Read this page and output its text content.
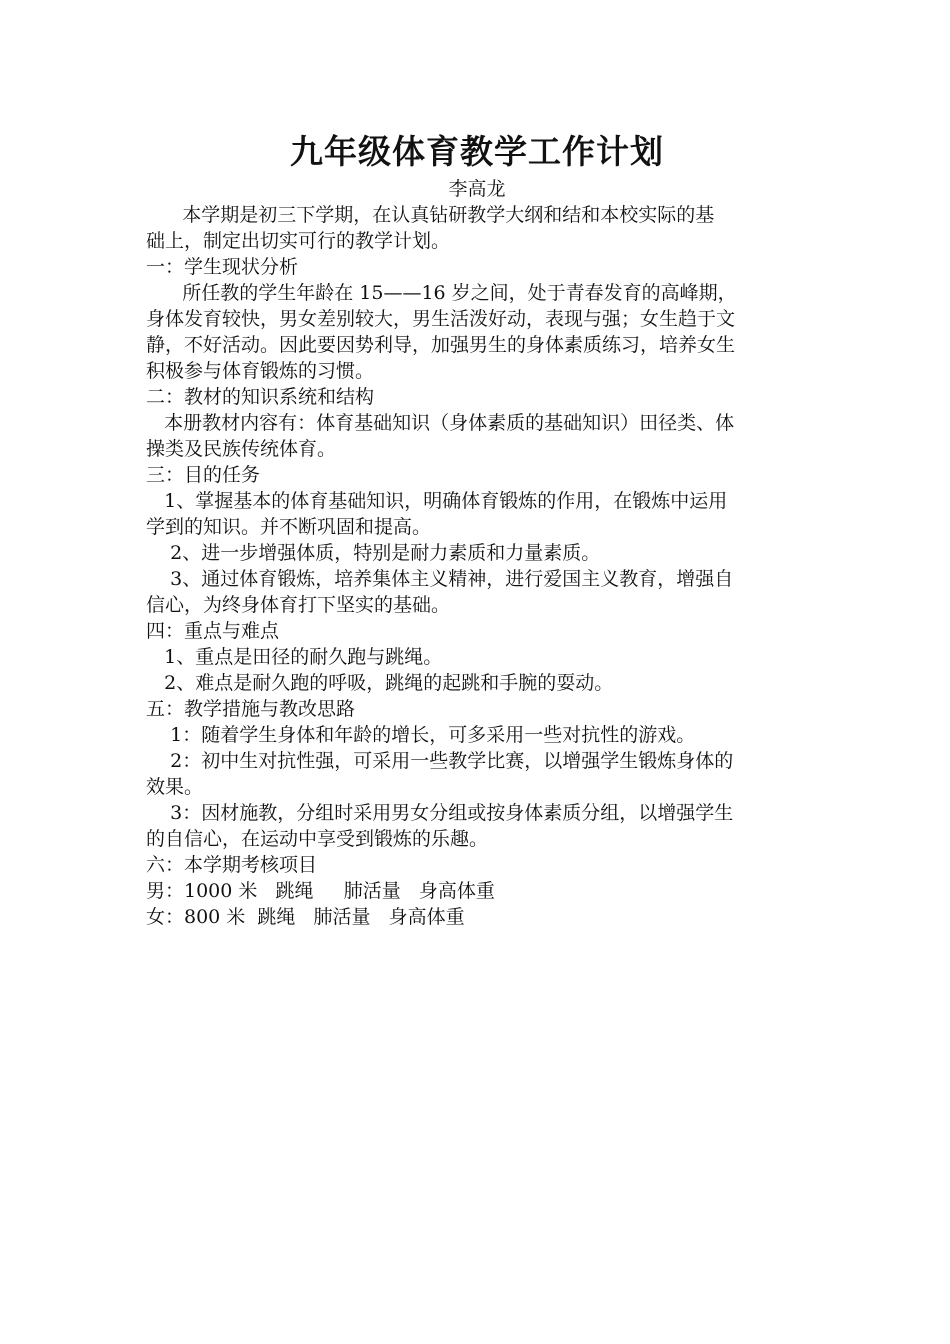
九年级体育教学工作计划

李高龙

本学期是初三下学期，在认真钻研教学大纲和结和本校实际的基

础上，制定出切实可行的教学计划。

一：学生现状分析

所任教的学生年龄在 15——16 岁之间，处于青春发育的高峰期，

身体发育较快，男女差别较大，男生活泼好动，表现与强；女生趋于文

静，不好活动。因此要因势利导，加强男生的身体素质练习，培养女生

积极参与体育锻炼的习惯。

二：教材的知识系统和结构

本册教材内容有：体育基础知识（身体素质的基础知识）田径类、体

操类及民族传统体育。

三：目的任务

1、掌握基本的体育基础知识，明确体育锻炼的作用，在锻炼中运用

学到的知识。并不断巩固和提高。

2、进一步增强体质，特别是耐力素质和力量素质。

3、通过体育锻炼，培养集体主义精神，进行爱国主义教育，增强自

信心，为终身体育打下坚实的基础。

四：重点与难点

1、重点是田径的耐久跑与跳绳。

2、难点是耐久跑的呼吸，跳绳的起跳和手腕的耍动。

五：教学措施与教改思路

1：随着学生身体和年龄的增长，可多采用一些对抗性的游戏。

2：初中生对抗性强，可采用一些教学比赛，以增强学生锻炼身体的

效果。

3：因材施教，分组时采用男女分组或按身体素质分组，以增强学生

的自信心，在运动中享受到锻炼的乐趣。

六：本学期考核项目

男：1000 米   跳绳     肺活量   身高体重

女：800 米  跳绳   肺活量   身高体重
